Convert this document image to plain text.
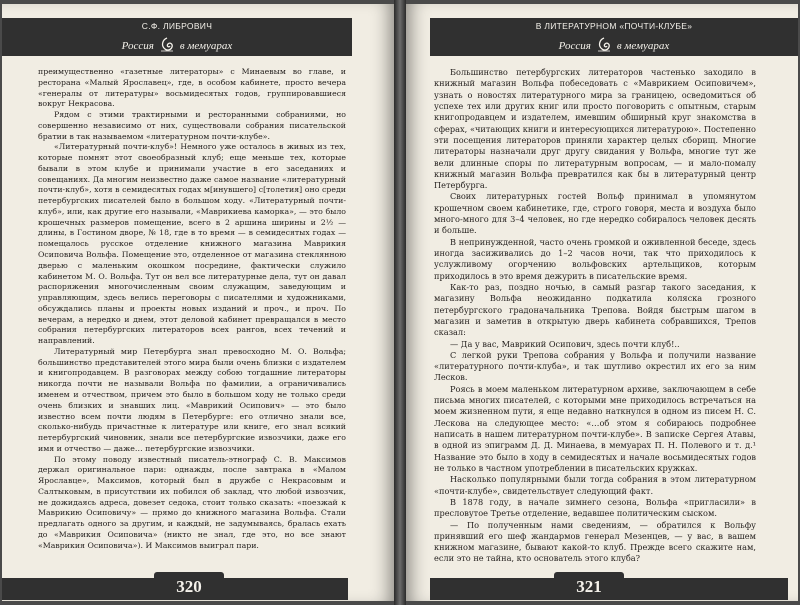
С.Ф. ЛИБРОВИЧ
Россия в мемуарах

преимущественно «газетные литераторы» с Минаевым во главе, и ресторана «Малый Ярославец», где, в особом кабинете, просто вечера «генералы от литературы» восьмидесятых годов, группировавшиеся вокруг Некрасова.

Рядом с этими трактирными и ресторанными собраниями, но совершенно независимо от них, существовали собрания писательской братии в так называемом «литературном почти-клубе».

«Литературный почти-клуб»! Немного уже осталось в живых из тех, которые помнят этот своеобразный клуб; еще меньше тех, которые бывали в этом клубе и принимали участие в его заседаниях и совещаниях. Да многим неизвестно даже самое название «литературный почти-клуб», хотя в семидесятых годах м[инувшего] с[толетия] оно среди петербургских писателей было в большом ходу. «Литературный почти-клуб», или, как другие его называли, «Маврикиева каморка», — это было крошечных размеров помещение, всего в 2 аршина ширины и 2½ — длины, в Гостином дворе, № 18, где в то время — в семидесятых годах — помещалось русское отделение книжного магазина Маврикия Осиповича Вольфа. Помещение это, отделенное от магазина стеклянною дверью с маленьким окошком посредине, фактически служило кабинетом М. О. Вольфа. Тут он вел все литературные дела, тут он давал распоряжения многочисленным своим служащим, заведующим и управляющим, здесь велись переговоры с писателями и художниками, обсуждались планы и проекты новых изданий и проч., и проч. По вечерам, а нередко и днем, этот деловой кабинет превращался в место собрания петербургских литераторов всех рангов, всех течений и направлений.

Литературный мир Петербурга знал превосходно М. О. Вольфа; большинство представителей этого мира были очень близки с издателем и книгопродавцем. В разговорах между собою тогдашние литераторы никогда почти не называли Вольфа по фамилии, а ограничивались именем и отчеством, причем это было в большом ходу не только среди очень близких и знавших лиц. «Маврикий Осипович» — это было известно всем почти людям в Петербурге: его отлично знали все, сколько-нибудь причастные к литературе или книге, его знал всякий петербургский чиновник, знали все петербургские извозчики, даже его имя и отчество — даже… петербургские извозчики.

По этому поводу известный писатель-этнограф С. В. Максимов держал оригинальное пари: однажды, после завтрака в «Малом Ярославце», Максимов, который был в дружбе с Некрасовым и Салтыковым, в присутствии их побился об заклад, что любой извозчик, не дожидаясь адреса, довезет седока, стоит только сказать: «поезжай к Маврикию Осиповичу» — прямо до книжного магазина Вольфа. Стали предлагать одного за другим, и каждый, не задумываясь, бралась ехать до «Маврикия Осиповича» (никто не знал, где это, но все знают «Маврикия Осиповича»). И Максимов выиграл пари.

320
В ЛИТЕРАТУРНОМ «ПОЧТИ-КЛУБЕ»
Россия в мемуарах

Большинство петербургских литераторов частенько заходило в книжный магазин Вольфа побеседовать с «Маврикием Осиповичем», узнать о новостях литературного мира за границею, осведомиться об успехе тех или других книг или просто поговорить с опытным, старым книгопродавцем и издателем, имевшим обширный круг знакомства в сферах, «читающих книги и интересующихся литературою». Постепенно эти посещения литераторов приняли характер целых сборищ. Многие литераторы назначали друг другу свидания у Вольфа, многие тут же вели длинные споры по литературным вопросам, — и мало-помалу книжный магазин Вольфа превратился как бы в литературный центр Петербурга.

Своих литературных гостей Вольф принимал в упомянутом крошечном своем кабинетике, где, строго говоря, места и воздуха было много-много для 3–4 человек, но где нередко собиралось человек десять и больше.

В непринужденной, часто очень громкой и оживленной беседе, здесь иногда засиживались до 1–2 часов ночи, так что приходилось к услужливому огорчению вольфовских артельщиков, которым приходилось в это время дежурить в писательские время.

Как-то раз, поздно ночью, в самый разгар такого заседания, к магазину Вольфа неожиданно подкатила коляска грозного петербургского градоначальника Трепова. Войдя быстрым шагом в магазин и заметив в открытую дверь кабинета собравшихся, Трепов сказал:

— Да у вас, Маврикий Осипович, здесь почти клуб!..

С легкой руки Трепова собрания у Вольфа и получили название «литературного почти-клуба», и так шутливо окрестил их его за ним Лесков.

Роясь в моем маленьком литературном архиве, заключающем в себе письма многих писателей, с которыми мне приходилось встречаться на моем жизненном пути, я еще недавно наткнулся в одном из писем Н. С. Лескова на следующее место: «…об этом я собираюсь подробнее написать в нашем литературном почти-клубе». В записке Сергея Атавы, в одной из эпиграмм Д. Д. Минаева, в мемуарах П. Н. Полевого и т. д.¹ Название это было в ходу в семидесятых и начале восьмидесятых годов не только в частном употреблении в писательских кружках.

Насколько популярными были тогда собрания в этом литературном «почти-клубе», свидетельствует следующий факт.

В 1878 году, в начале зимнего сезона, Вольфа «пригласили» в пресловутое Третье отделение, ведавшее политическим сыском.

— По полученным нами сведениям, — обратился к Вольфу принявший его шеф жандармов генерал Мезенцев, — у вас, в вашем книжном магазине, бывают какой-то клуб. Прежде всего скажите нам, если это не тайна, кто основатель этого клуба?

321
